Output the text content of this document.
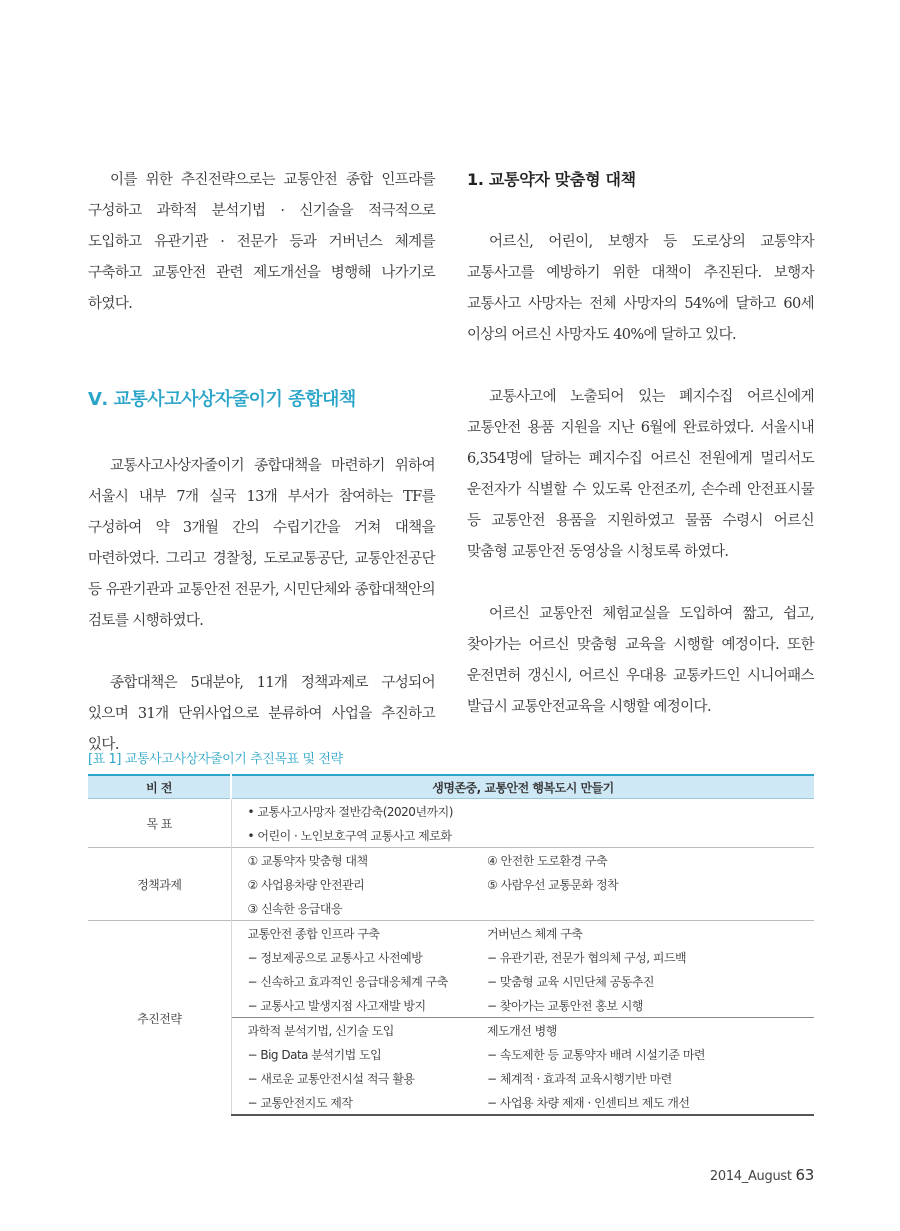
이를 위한 추진전략으로는 교통안전 종합 인프라를 구성하고 과학적 분석기법 · 신기술을 적극적으로 도입하고 유관기관 · 전문가 등과 거버넌스 체계를 구축하고 교통안전 관련 제도개선을 병행해 나가기로 하였다.

Ⅴ. 교통사고사상자줄이기 종합대책

교통사고사상자줄이기 종합대책을 마련하기 위하여 서울시 내부 7개 실국 13개 부서가 참여하는 TF를 구성하여 약 3개월 간의 수립기간을 거쳐 대책을 마련하였다. 그리고 경찰청, 도로교통공단, 교통안전공단 등 유관기관과 교통안전 전문가, 시민단체와 종합대책안의 검토를 시행하였다.

종합대책은 5대분야, 11개 정책과제로 구성되어 있으며 31개 단위사업으로 분류하여 사업을 추진하고 있다.

1. 교통약자 맞춤형 대책

어르신, 어린이, 보행자 등 도로상의 교통약자 교통사고를 예방하기 위한 대책이 추진된다. 보행자 교통사고 사망자는 전체 사망자의 54%에 달하고 60세 이상의 어르신 사망자도 40%에 달하고 있다.

교통사고에 노출되어 있는 폐지수집 어르신에게 교통안전 용품 지원을 지난 6월에 완료하였다. 서울시내 6,354명에 달하는 폐지수집 어르신 전원에게 멀리서도 운전자가 식별할 수 있도록 안전조끼, 손수레 안전표시물 등 교통안전 용품을 지원하였고 물품 수령시 어르신 맞춤형 교통안전 동영상을 시청토록 하였다.

어르신 교통안전 체험교실을 도입하여 짧고, 쉽고, 찾아가는 어르신 맞춤형 교육을 시행할 예정이다. 또한 운전면허 갱신시, 어르신 우대용 교통카드인 시니어패스 발급시 교통안전교육을 시행할 예정이다.

[표 1] 교통사고사상자줄이기 추진목표 및 전략
비 전	생명존중, 교통안전 행복도시 만들기	
목 표	• 교통사고사망자 절반감축(2020년까지)	
	• 어린이 · 노인보호구역 교통사고 제로화	
정책과제	① 교통약자 맞춤형 대책	④ 안전한 도로환경 구축
	② 사업용차량 안전관리	⑤ 사람우선 교통문화 정착
	③ 신속한 응급대응	
추진전략	교통안전 종합 인프라 구축	거버넌스 체계 구축
	− 정보제공으로 교통사고 사전예방	− 유관기관, 전문가 협의체 구성, 피드백
	− 신속하고 효과적인 응급대응체계 구축	− 맞춤형 교육 시민단체 공동추진
	− 교통사고 발생지점 사고재발 방지	− 찾아가는 교통안전 홍보 시행
	과학적 분석기법, 신기술 도입	제도개선 병행
	− Big Data 분석기법 도입	− 속도제한 등 교통약자 배려 시설기준 마련
	− 새로운 교통안전시설 적극 활용	− 체계적 · 효과적 교육시행기반 마련
	− 교통안전지도 제작	− 사업용 차량 제재 · 인센티브 제도 개선
2014_August 63
